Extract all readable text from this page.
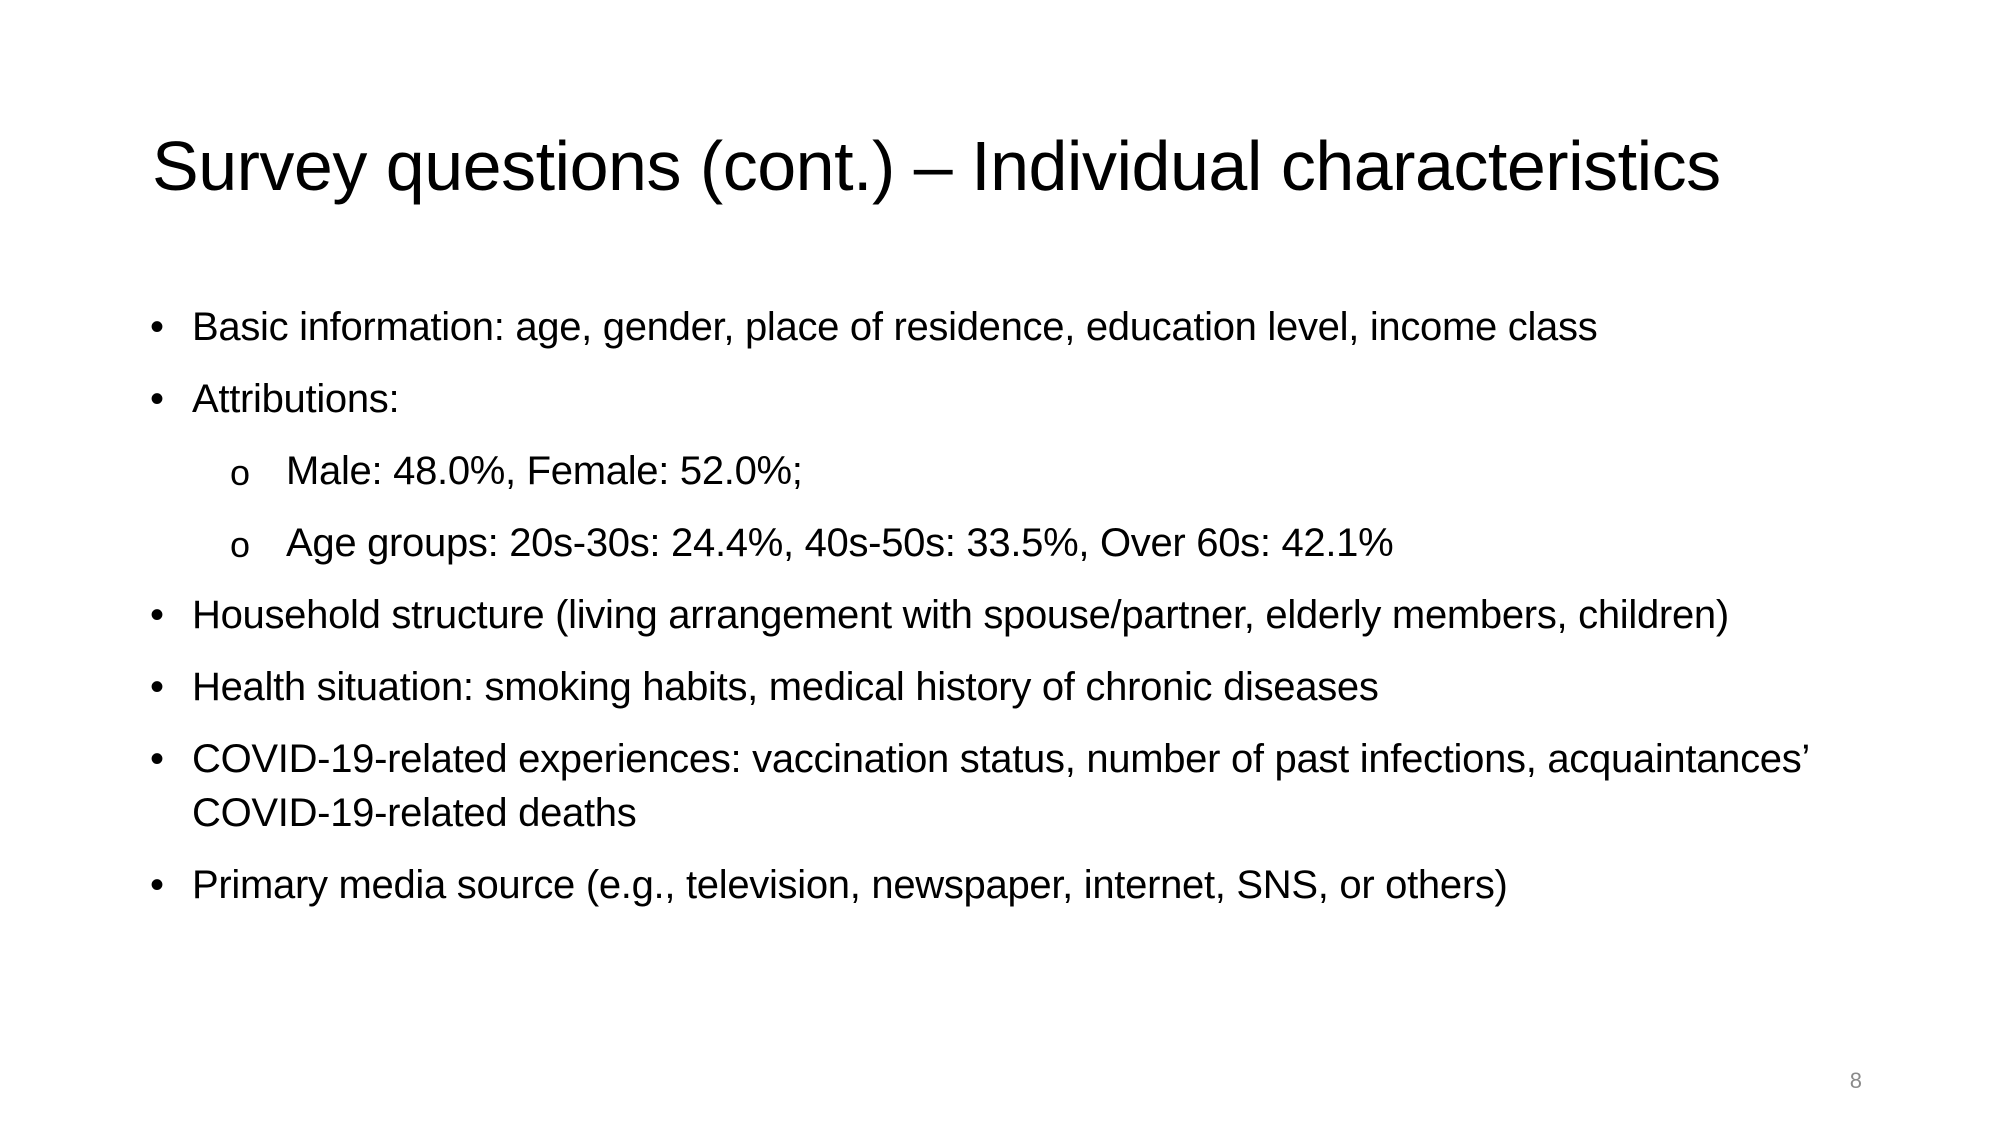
Survey questions (cont.) – Individual characteristics
• Basic information: age, gender, place of residence, education level, income class
• Attributions:
o Male: 48.0%, Female: 52.0%;
o Age groups: 20s-30s: 24.4%, 40s-50s: 33.5%, Over 60s: 42.1%
• Household structure (living arrangement with spouse/partner, elderly members, children)
• Health situation: smoking habits, medical history of chronic diseases
• COVID-19-related experiences: vaccination status, number of past infections, acquaintances’ COVID-19-related deaths
• Primary media source (e.g., television, newspaper, internet, SNS, or others)
8
